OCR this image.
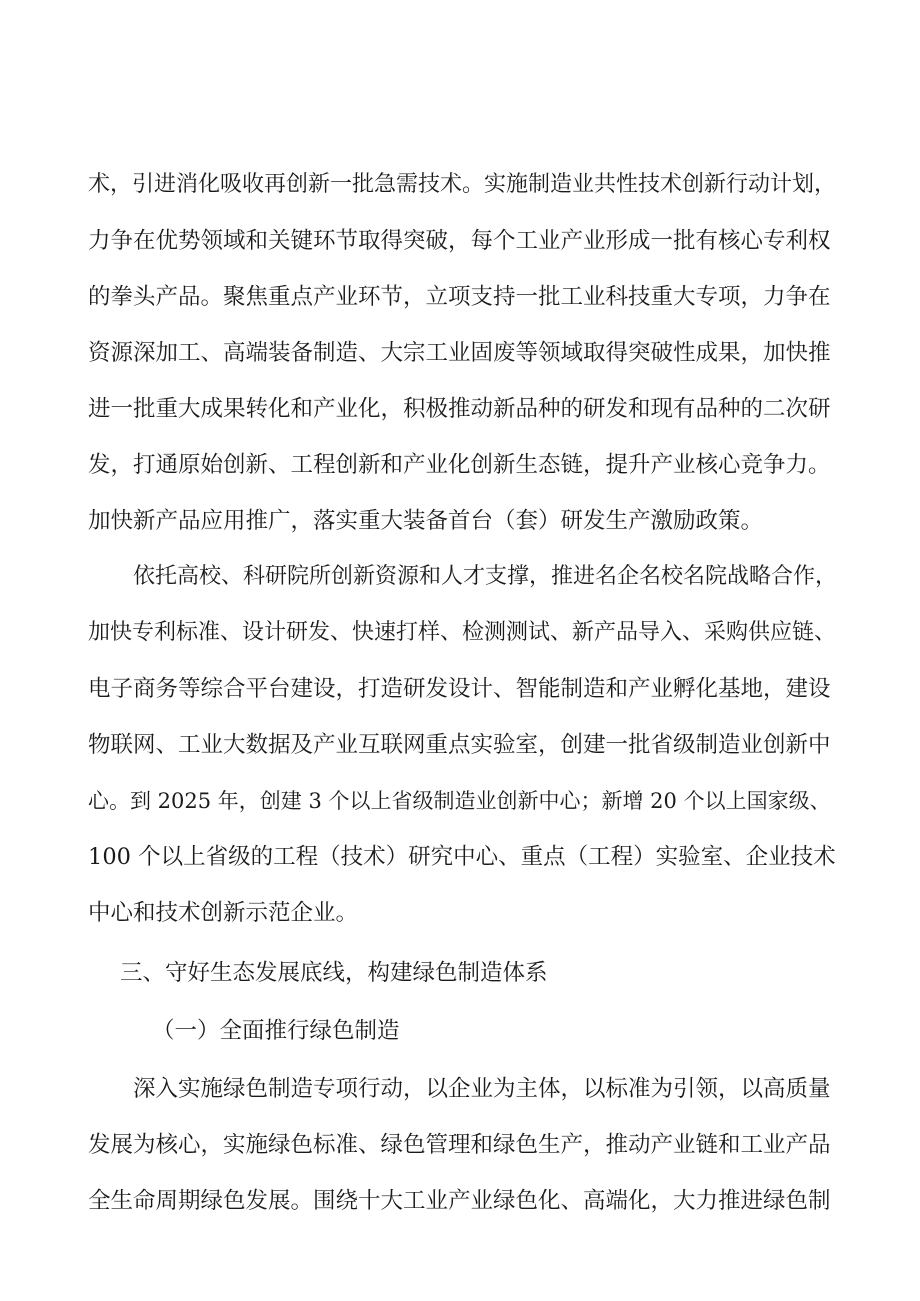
术，引进消化吸收再创新一批急需技术。实施制造业共性技术创新行动计划，
力争在优势领域和关键环节取得突破，每个工业产业形成一批有核心专利权
的拳头产品。聚焦重点产业环节，立项支持一批工业科技重大专项，力争在
资源深加工、高端装备制造、大宗工业固废等领域取得突破性成果，加快推
进一批重大成果转化和产业化，积极推动新品种的研发和现有品种的二次研
发，打通原始创新、工程创新和产业化创新生态链，提升产业核心竞争力。
加快新产品应用推广，落实重大装备首台（套）研发生产激励政策。
依托高校、科研院所创新资源和人才支撑，推进名企名校名院战略合作，
加快专利标准、设计研发、快速打样、检测测试、新产品导入、采购供应链、
电子商务等综合平台建设，打造研发设计、智能制造和产业孵化基地，建设
物联网、工业大数据及产业互联网重点实验室，创建一批省级制造业创新中
心。到 2025 年，创建 3 个以上省级制造业创新中心；新增 20 个以上国家级、
100 个以上省级的工程（技术）研究中心、重点（工程）实验室、企业技术
中心和技术创新示范企业。
三、守好生态发展底线，构建绿色制造体系
（一）全面推行绿色制造
深入实施绿色制造专项行动，以企业为主体，以标准为引领，以高质量
发展为核心，实施绿色标准、绿色管理和绿色生产，推动产业链和工业产品
全生命周期绿色发展。围绕十大工业产业绿色化、高端化，大力推进绿色制
